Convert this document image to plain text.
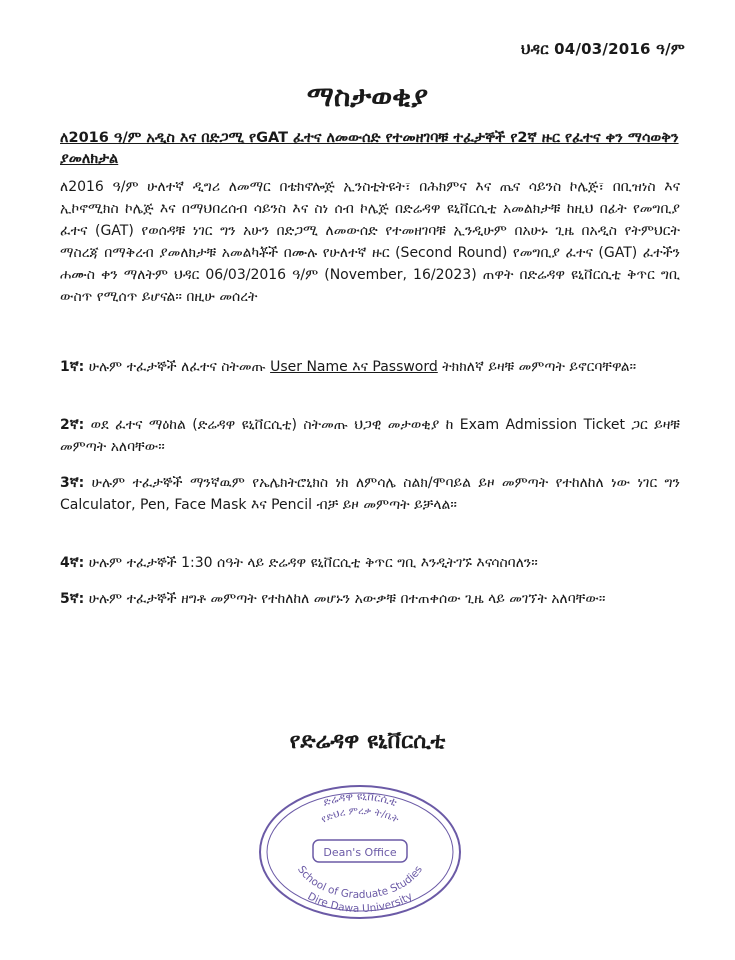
ህዳር 04/03/2016 ዓ/ም
ማስታወቂያ
ለ2016 ዓ/ም አዲስ እና በድጋሚ የGAT ፈተና ለመውሰድ የተመዘገባቹ ተፈታኞች የ2ኛ ዙር የፈተና ቀን ማሳወቅን ያመለክታል
ለ2016 ዓ/ም ሁለተኛ ዲግሪ ለመማር በቴክኖሎጅ ኢንስቲትዩት፣ በሕክምና እና ጤና ሳይንስ ኮሌጅ፣ በቢዝነስ እና ኢኮኖሚክስ ኮሌጅ እና በማህበረሰብ ሳይንስ እና ስነ ሰብ ኮሌጅ በድሬዳዋ ዩኒቨርሲቲ አመልክታቹ ከዚህ በፊት የመግቢያ ፈተና (GAT) የወሰዳቹ ነገር ግን አሁን በድጋሚ ለመውሰድ የተመዘገባቹ ኢንዲሁም በአሁኑ ጊዜ በአዲስ የትምህርት ማስረጃ በማቅረብ ያመለክታቹ አመልካቾች በሙሉ የሁለተኛ ዙር (Second Round) የመግቢያ ፈተና (GAT) ፈተችን ሐሙስ ቀን ማለትም ህዳር 06/03/2016 ዓ/ም (November, 16/2023) ጠዋት በድሬዳዋ ዩኒቨርሲቲ ቅጥር ግቢ ውስጥ የሚሰጥ ይሆናል። በዚሁ መሰረት
1ኛ: ሁሉም ተፈታኞች ለፈተና ስትመጡ User Name እና Password ትክክለኛ ይዛቹ መምጣት ይኖርባቸዋል።
2ኛ: ወደ ፈተና ማዕከል (ድሬዳዋ ዩኒቨርሲቲ) ስትመጡ ህጋዊ መታወቂያ ከ Exam Admission Ticket ጋር ይዛቹ መምጣት አለባቸው።
3ኛ: ሁሉም ተፈታኞች ማንኛዉም የኤሌክትሮኒክስ ነክ ለምሳሌ ስልክ/ሞባይል ይዞ መምጣት የተከለከለ ነው ነገር ግን Calculator, Pen, Face Mask እና Pencil ብቻ ይዞ መምጣት ይቻላል።
4ኛ: ሁሉም ተፈታኞች 1:30 ሰዓት ላይ ድሬዳዋ ዩኒቨርሲቲ ቅጥር ግቢ እንዲትገኙ እናሳስባለን።
5ኛ: ሁሉም ተፈታኞች ዘግቶ መምጣት የተከለከለ መሆኑን አውቃቹ በተጠቀሰው ጊዜ ላይ መገኘት አለባቸው።
የድሬዳዋ ዩኒቨርሲቲ
ድሬዳዋ ዩኒቨርሲቲ
የድህረ ምረቃ ት/ቤት
Dean's Office
School of Graduate Studies
Dire Dawa University
